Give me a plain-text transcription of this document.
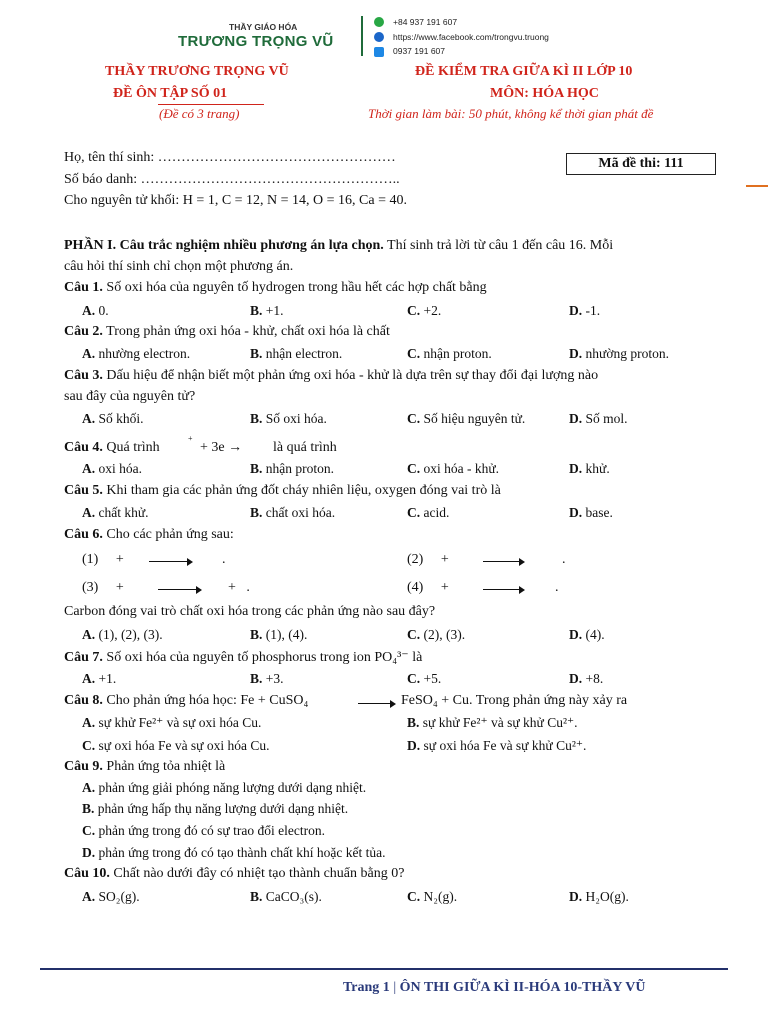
THẦY GIÁO HÓA
TRƯƠNG TRỌNG VŨ
+84 937 191 607
https://www.facebook.com/trongvu.truong
0937 191 607
THẦY TRƯƠNG TRỌNG VŨ
ĐỀ ÔN TẬP SỐ 01
(Đề có 3 trang)
ĐỀ KIỂM TRA GIỮA KÌ II LỚP 10
MÔN: HÓA HỌC
Thời gian làm bài: 50 phút, không kể thời gian phát đề
Họ, tên thí sinh: ……………………………………………
Số báo danh: ………………………………………………..
Cho nguyên tử khối: H = 1, C = 12, N = 14, O = 16, Ca = 40.
Mã đề thi: 111
PHẦN I. Câu trắc nghiệm nhiều phương án lựa chọn. Thí sinh trả lời từ câu 1 đến câu 16. Mỗi
câu hỏi thí sinh chỉ chọn một phương án.
Câu 1. Số oxi hóa của nguyên tố hydrogen trong hầu hết các hợp chất bằng
A. 0.	B. +1.	C. +2.	D. -1.
Câu 2. Trong phản ứng oxi hóa - khử, chất oxi hóa là chất
A. nhường electron.	B. nhận electron.	C. nhận proton.	D. nhường proton.
Câu 3. Dấu hiệu để nhận biết một phản ứng oxi hóa - khử là dựa trên sự thay đổi đại lượng nào
sau đây của nguyên tử?
A. Số khối.	B. Số oxi hóa.	C. Số hiệu nguyên tử.	D. Số mol.
Câu 4. Quá trình
+
+ 3e → là quá trình
A. oxi hóa.	B. nhận proton.	C. oxi hóa - khử.	D. khử.
Câu 5. Khi tham gia các phản ứng đốt cháy nhiên liệu, oxygen đóng vai trò là
A. chất khử.	B. chất oxi hóa.	C. acid.	D. base.
Câu 6. Cho các phản ứng sau:
(1)     +	.	(2)     +	.
(3)     +	+   .	(4)     +	.
Carbon đóng vai trò chất oxi hóa trong các phản ứng nào sau đây?
A. (1), (2), (3).	B. (1), (4).	C. (2), (3).	D. (4).
Câu 7. Số oxi hóa của nguyên tố phosphorus trong ion PO₄³⁻ là
A. +1.	B. +3.	C. +5.	D. +8.
Câu 8. Cho phản ứng hóa học: Fe + CuSO₄	→ FeSO₄ + Cu. Trong phản ứng này xảy ra
A. sự khử Fe²⁺ và sự oxi hóa Cu.	B. sự khử Fe²⁺ và sự khử Cu²⁺.
C. sự oxi hóa Fe và sự oxi hóa Cu.	D. sự oxi hóa Fe và sự khử Cu²⁺.
Câu 9. Phản ứng tỏa nhiệt là
A. phản ứng giải phóng năng lượng dưới dạng nhiệt.
B. phản ứng hấp thụ năng lượng dưới dạng nhiệt.
C. phản ứng trong đó có sự trao đổi electron.
D. phản ứng trong đó có tạo thành chất khí hoặc kết tủa.
Câu 10. Chất nào dưới đây có nhiệt tạo thành chuẩn bằng 0?
A. SO₂(g).	B. CaCO₃(s).	C. N₂(g).	D. H₂O(g).
Trang 1 | ÔN THI GIỮA KÌ II-HÓA 10-THẦY VŨ
